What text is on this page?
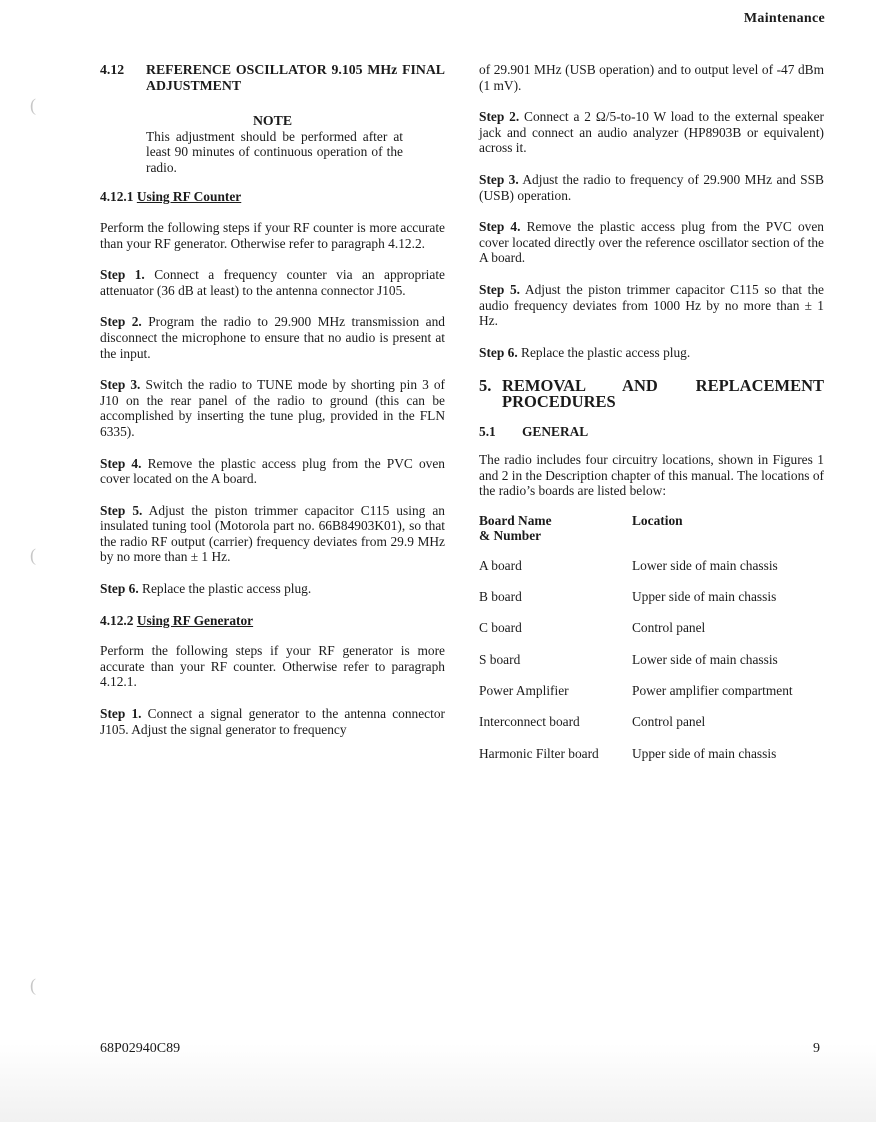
Maintenance
(
(
(
4.12	REFERENCE OSCILLATOR 9.105 MHz FINAL ADJUSTMENT

NOTE

This adjustment should be performed after at least 90 minutes of continuous operation of the radio.

4.12.1 Using RF Counter

Perform the following steps if your RF counter is more accurate than your RF generator. Otherwise refer to paragraph 4.12.2.

Step 1. Connect a frequency counter via an appropriate attenuator (36 dB at least) to the antenna connector J105.

Step 2. Program the radio to 29.900 MHz transmission and disconnect the microphone to ensure that no audio is present at the input.

Step 3. Switch the radio to TUNE mode by shorting pin 3 of J10 on the rear panel of the radio to ground (this can be accomplished by inserting the tune plug, provided in the FLN 6335).

Step 4. Remove the plastic access plug from the PVC oven cover located on the A board.

Step 5. Adjust the piston trimmer capacitor C115 using an insulated tuning tool (Motorola part no. 66B84903K01), so that the radio RF output (carrier) frequency deviates from 29.9 MHz by no more than ± 1 Hz.

Step 6. Replace the plastic access plug.

4.12.2 Using RF Generator

Perform the following steps if your RF generator is more accurate than your RF counter. Otherwise refer to paragraph 4.12.1.

Step 1. Connect a signal generator to the antenna connector J105. Adjust the signal generator to frequency

of 29.901 MHz (USB operation) and to output level of -47 dBm (1 mV).

Step 2. Connect a 2 Ω/5-to-10 W load to the external speaker jack and connect an audio analyzer (HP8903B or equivalent) across it.

Step 3. Adjust the radio to frequency of 29.900 MHz and SSB (USB) operation.

Step 4. Remove the plastic access plug from the PVC oven cover located directly over the reference oscillator section of the A board.

Step 5. Adjust the piston trimmer capacitor C115 so that the audio frequency deviates from 1000 Hz by no more than ± 1 Hz.

Step 6. Replace the plastic access plug.

5. REMOVAL AND REPLACEMENT PROCEDURES
5.1	GENERAL

The radio includes four circuitry locations, shown in Figures 1 and 2 in the Description chapter of this manual. The locations of the radio’s boards are listed below:

Board Name
& Number	Location
A board	Lower side of main chassis
B board	Upper side of main chassis
C board	Control panel
S board	Lower side of main chassis
Power Amplifier	Power amplifier compartment
Interconnect board	Control panel
Harmonic Filter board	Upper side of main chassis
68P02940C89	9
